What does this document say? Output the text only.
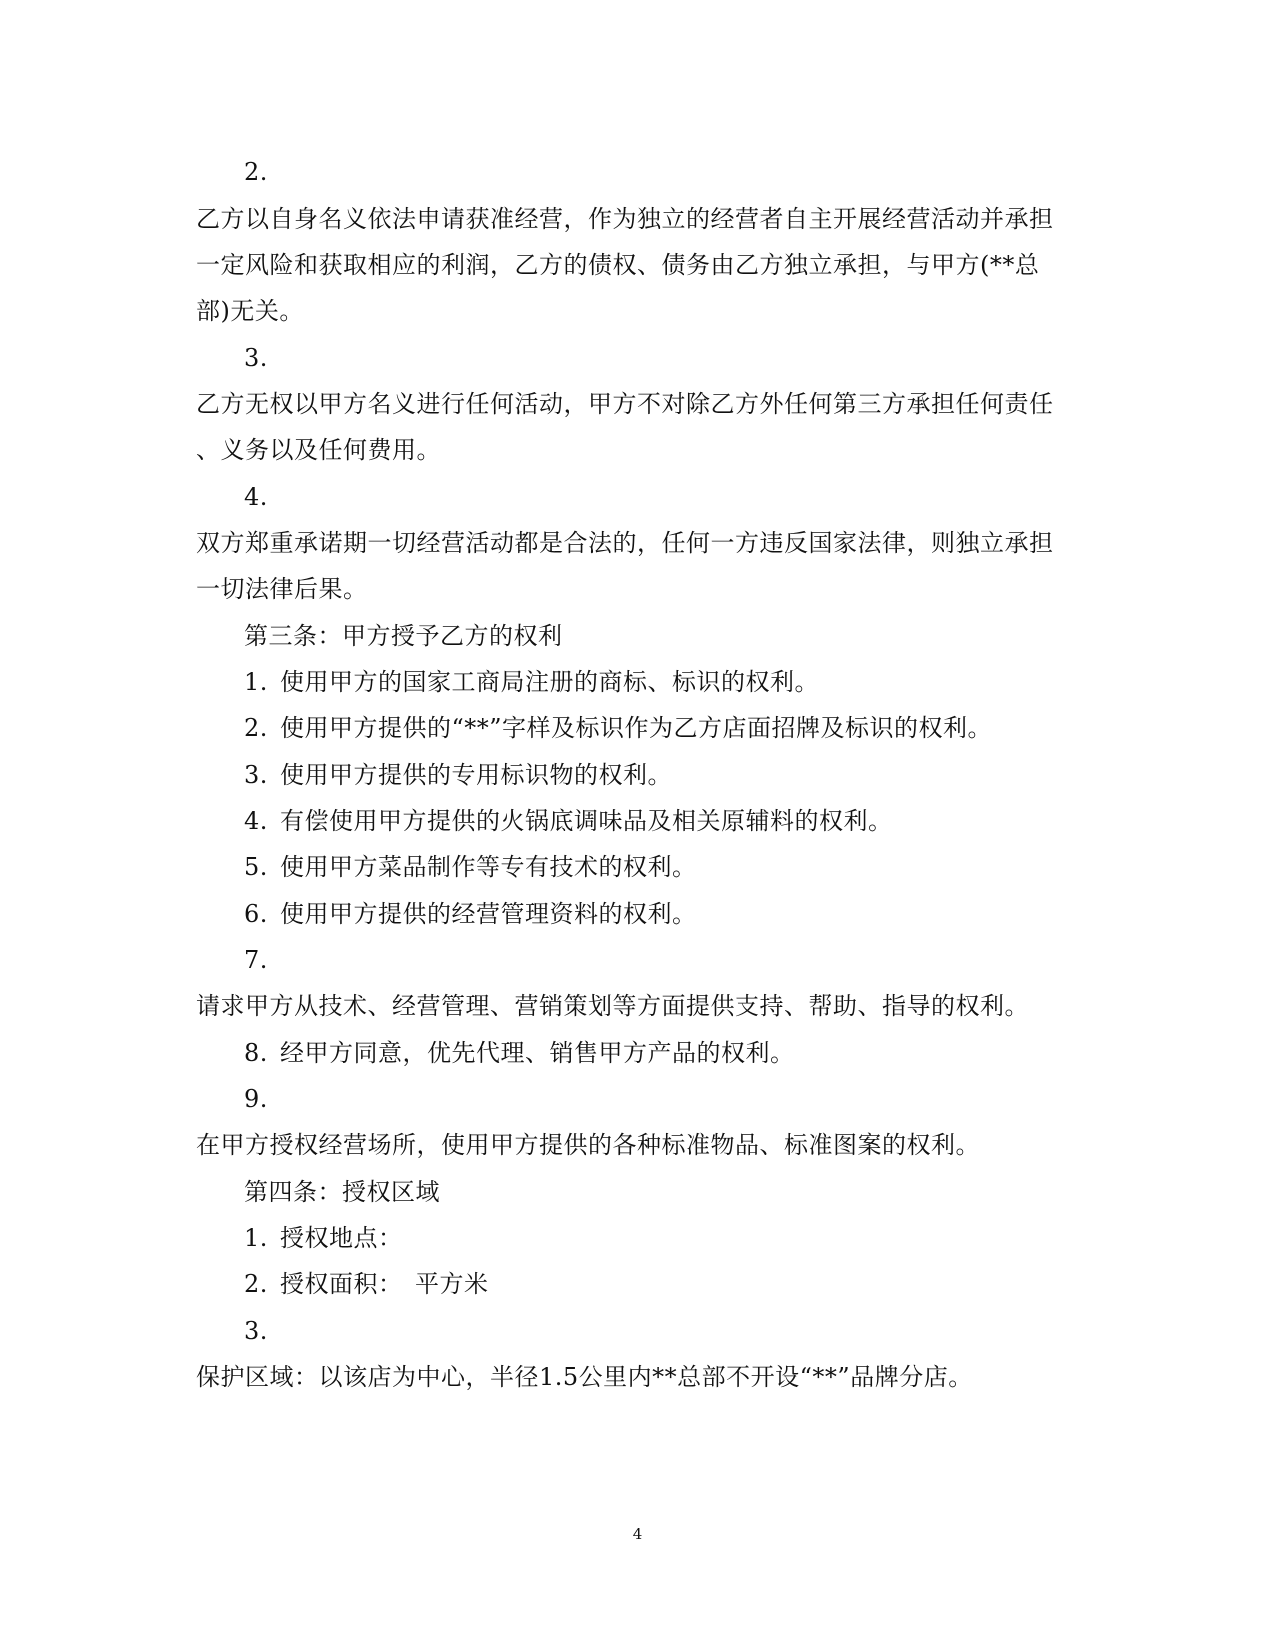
2.
乙方以自身名义依法申请获准经营，作为独立的经营者自主开展经营活动并承担
一定风险和获取相应的利润，乙方的债权、债务由乙方独立承担，与甲方(**总
部)无关。
3.
乙方无权以甲方名义进行任何活动，甲方不对除乙方外任何第三方承担任何责任
、义务以及任何费用。
4.
双方郑重承诺期一切经营活动都是合法的，任何一方违反国家法律，则独立承担
一切法律后果。
第三条：甲方授予乙方的权利
1. 使用甲方的国家工商局注册的商标、标识的权利。
2. 使用甲方提供的“**”字样及标识作为乙方店面招牌及标识的权利。
3. 使用甲方提供的专用标识物的权利。
4. 有偿使用甲方提供的火锅底调味品及相关原辅料的权利。
5. 使用甲方菜品制作等专有技术的权利。
6. 使用甲方提供的经营管理资料的权利。
7.
请求甲方从技术、经营管理、营销策划等方面提供支持、帮助、指导的权利。
8. 经甲方同意，优先代理、销售甲方产品的权利。
9.
在甲方授权经营场所，使用甲方提供的各种标准物品、标准图案的权利。
第四条：授权区域
1. 授权地点：
2. 授权面积：　平方米
3.
保护区域：以该店为中心，半径1.5公里内**总部不开设“**”品牌分店。
4
